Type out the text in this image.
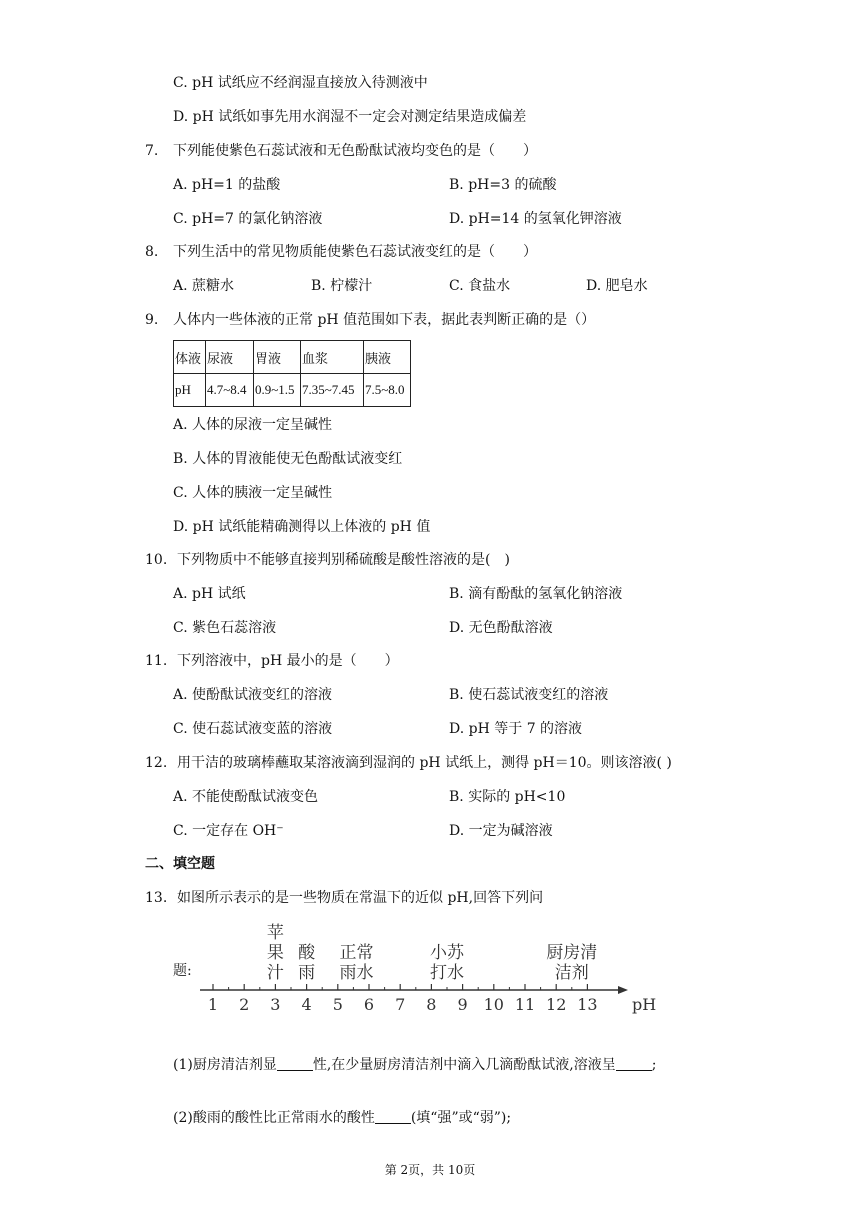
C. pH 试纸应不经润湿直接放入待测液中
D. pH 试纸如事先用水润湿不一定会对测定结果造成偏差
7. 下列能使紫色石蕊试液和无色酚酞试液均变色的是（　　）
A. pH=1 的盐酸	B. pH=3 的硫酸
C. pH=7 的氯化钠溶液	D. pH=14 的氢氧化钾溶液
8. 下列生活中的常见物质能使紫色石蕊试液变红的是（　　）
A. 蔗糖水	B. 柠檬汁	C. 食盐水	D. 肥皂水
9. 人体内一些体液的正常 pH 值范围如下表，据此表判断正确的是（）
体液	尿液	胃液	血浆	胰液
pH	4.7~8.4	0.9~1.5	7.35~7.45	7.5~8.0
A. 人体的尿液一定呈碱性
B. 人体的胃液能使无色酚酞试液变红
C. 人体的胰液一定呈碱性
D. pH 试纸能精确测得以上体液的 pH 值
10. 下列物质中不能够直接判别稀硫酸是酸性溶液的是(　)
A. pH 试纸	B. 滴有酚酞的氢氧化钠溶液
C. 紫色石蕊溶液	D. 无色酚酞溶液
11. 下列溶液中，pH 最小的是（　　）
A. 使酚酞试液变红的溶液	B. 使石蕊试液变红的溶液
C. 使石蕊试液变蓝的溶液	D. pH 等于 7 的溶液
12. 用干洁的玻璃棒蘸取某溶液滴到湿润的 pH 试纸上，测得 pH＝10。则该溶液( )
A. 不能使酚酞试液变色	B. 实际的 pH<10
C. 一定存在 OH⁻	D. 一定为碱溶液
二、填空题
13. 如图所示表示的是一些物质在常温下的近似 pH,回答下列问
题:
1 2 3 4 5 6 7 8 9 10 11 12 13 pH
苹
果
汁
酸
雨
正常
雨水
小苏
打水
厨房清
洁剂
(1)厨房清洁剂显	性,在少量厨房清洁剂中滴入几滴酚酞试液,溶液呈	;
(2)酸雨的酸性比正常雨水的酸性	(填“强”或“弱”);
第 2页，共 10页
